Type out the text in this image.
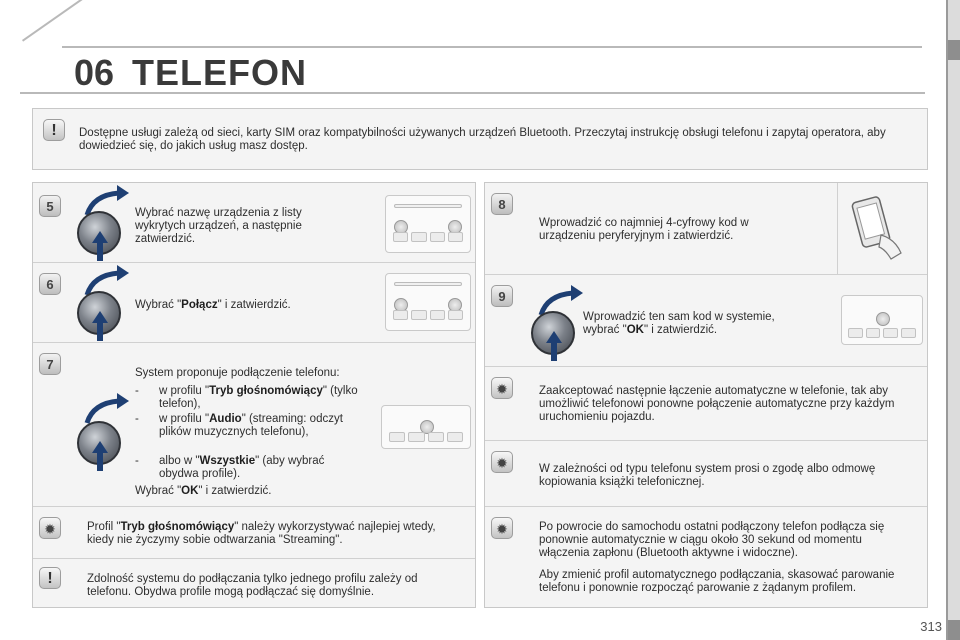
06 TELEFON
!	Dostępne usługi zależą od sieci, karty SIM oraz kompatybilności używanych urządzeń Bluetooth. Przeczytaj instrukcję obsługi telefonu i zapytaj operatora, aby dowiedzieć się, do jakich usług masz dostęp.
5	Wybrać nazwę urządzenia z listy wykrytych urządzeń, a następnie zatwierdzić.
6
Wybrać "Połącz" i zatwierdzić.
7
System proponuje podłączenie telefonu:
-	w profilu "Tryb głośnomówiący" (tylko telefon),
-	w profilu "Audio" (streaming: odczyt plików muzycznych telefonu),
-	albo w "Wszystkie" (aby wybrać obydwa profile).
Wybrać "OK" i zatwierdzić.
✹	Profil "Tryb głośnomówiący" należy wykorzystywać najlepiej wtedy, kiedy nie życzymy sobie odtwarzania "Streaming".
!	Zdolność systemu do podłączania tylko jednego profilu zależy od telefonu. Obydwa profile mogą podłączać się domyślnie.
8
Wprowadzić co najmniej 4-cyfrowy kod w urządzeniu peryferyjnym i zatwierdzić.
9
Wprowadzić ten sam kod w systemie, wybrać "OK" i zatwierdzić.
✹	Zaakceptować następnie łączenie automatyczne w telefonie, tak aby umożliwić telefonowi ponowne połączenie automatyczne przy każdym uruchomieniu pojazdu.
✹	W zależności od typu telefonu system prosi o zgodę albo odmowę kopiowania książki telefonicznej.
✹	Po powrocie do samochodu ostatni podłączony telefon podłącza się ponownie automatycznie w ciągu około 30 sekund od momentu włączenia zapłonu (Bluetooth aktywne i widoczne).
Aby zmienić profil automatycznego podłączania, skasować parowanie telefonu i ponownie rozpocząć parowanie z żądanym profilem.
313
